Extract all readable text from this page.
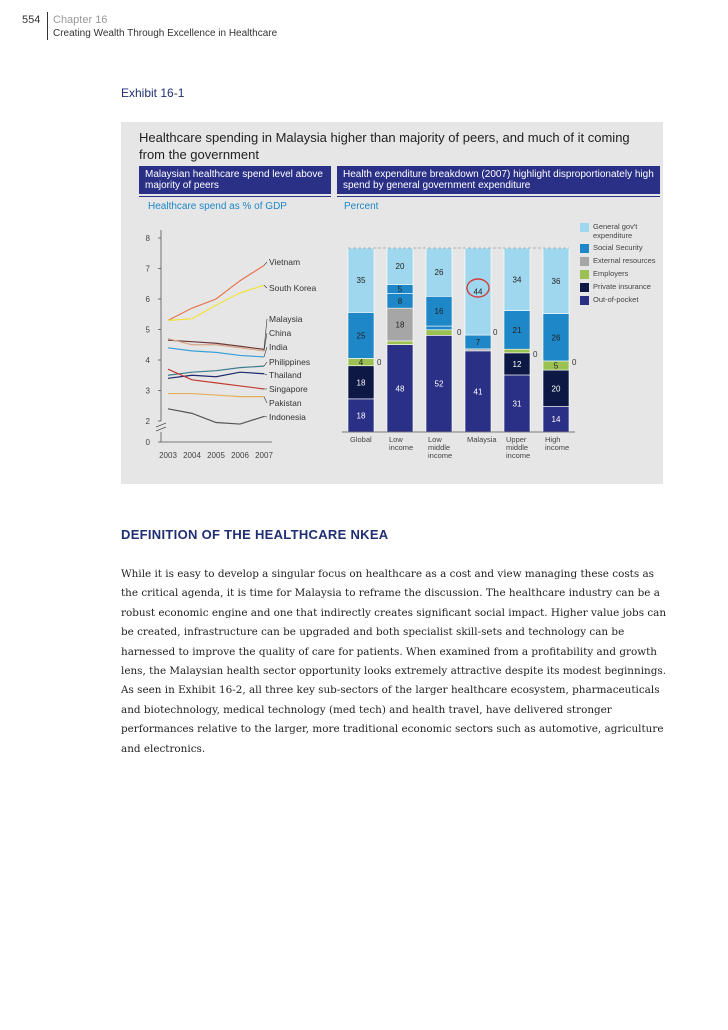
554 Chapter 16
Creating Wealth Through Excellence in Healthcare
Exhibit 16-1
Healthcare spending in Malaysia higher than majority of peers, and much of it coming from the government
Malaysian healthcare spend level above majority of peers
Health expenditure breakdown (2007) highlight disproportionately high spend by general government expenditure
Healthcare spend as % of GDP	Percent
0
2
3
4
5
6
7
8
2003 2004 2005 2006 2007
Vietnam
South Korea
Malaysia
China
India
Philippines
Thailand
Singapore
Pakistan
Indonesia	18
18
4
25
35
48
18
8
5
20
52
16
26
41
7
44
31
12
21
34
14
20
5
26
36
0
0	0
0
0
Global Low income
Low middle income
Malaysia Upper middle income
High income
General gov't expenditure
Social Security
External resources
Employers
Private insurance
Out-of-pocket
DEFINITION OF THE HEALTHCARE NKEA
While it is easy to develop a singular focus on healthcare as a cost and view managing these costs as the critical agenda, it is time for Malaysia to reframe the discussion. The healthcare industry can be a robust economic engine and one that indirectly creates significant social impact. Higher value jobs can be created, infrastructure can be upgraded and both specialist skill-sets and technology can be harnessed to improve the quality of care for patients. When examined from a profitability and growth lens, the Malaysian health sector opportunity looks extremely attractive despite its modest beginnings. As seen in Exhibit 16-2, all three key sub-sectors of the larger healthcare ecosystem, pharmaceuticals and biotechnology, medical technology (med tech) and health travel, have delivered stronger performances relative to the larger, more traditional economic sectors such as automotive, agriculture and electronics.
